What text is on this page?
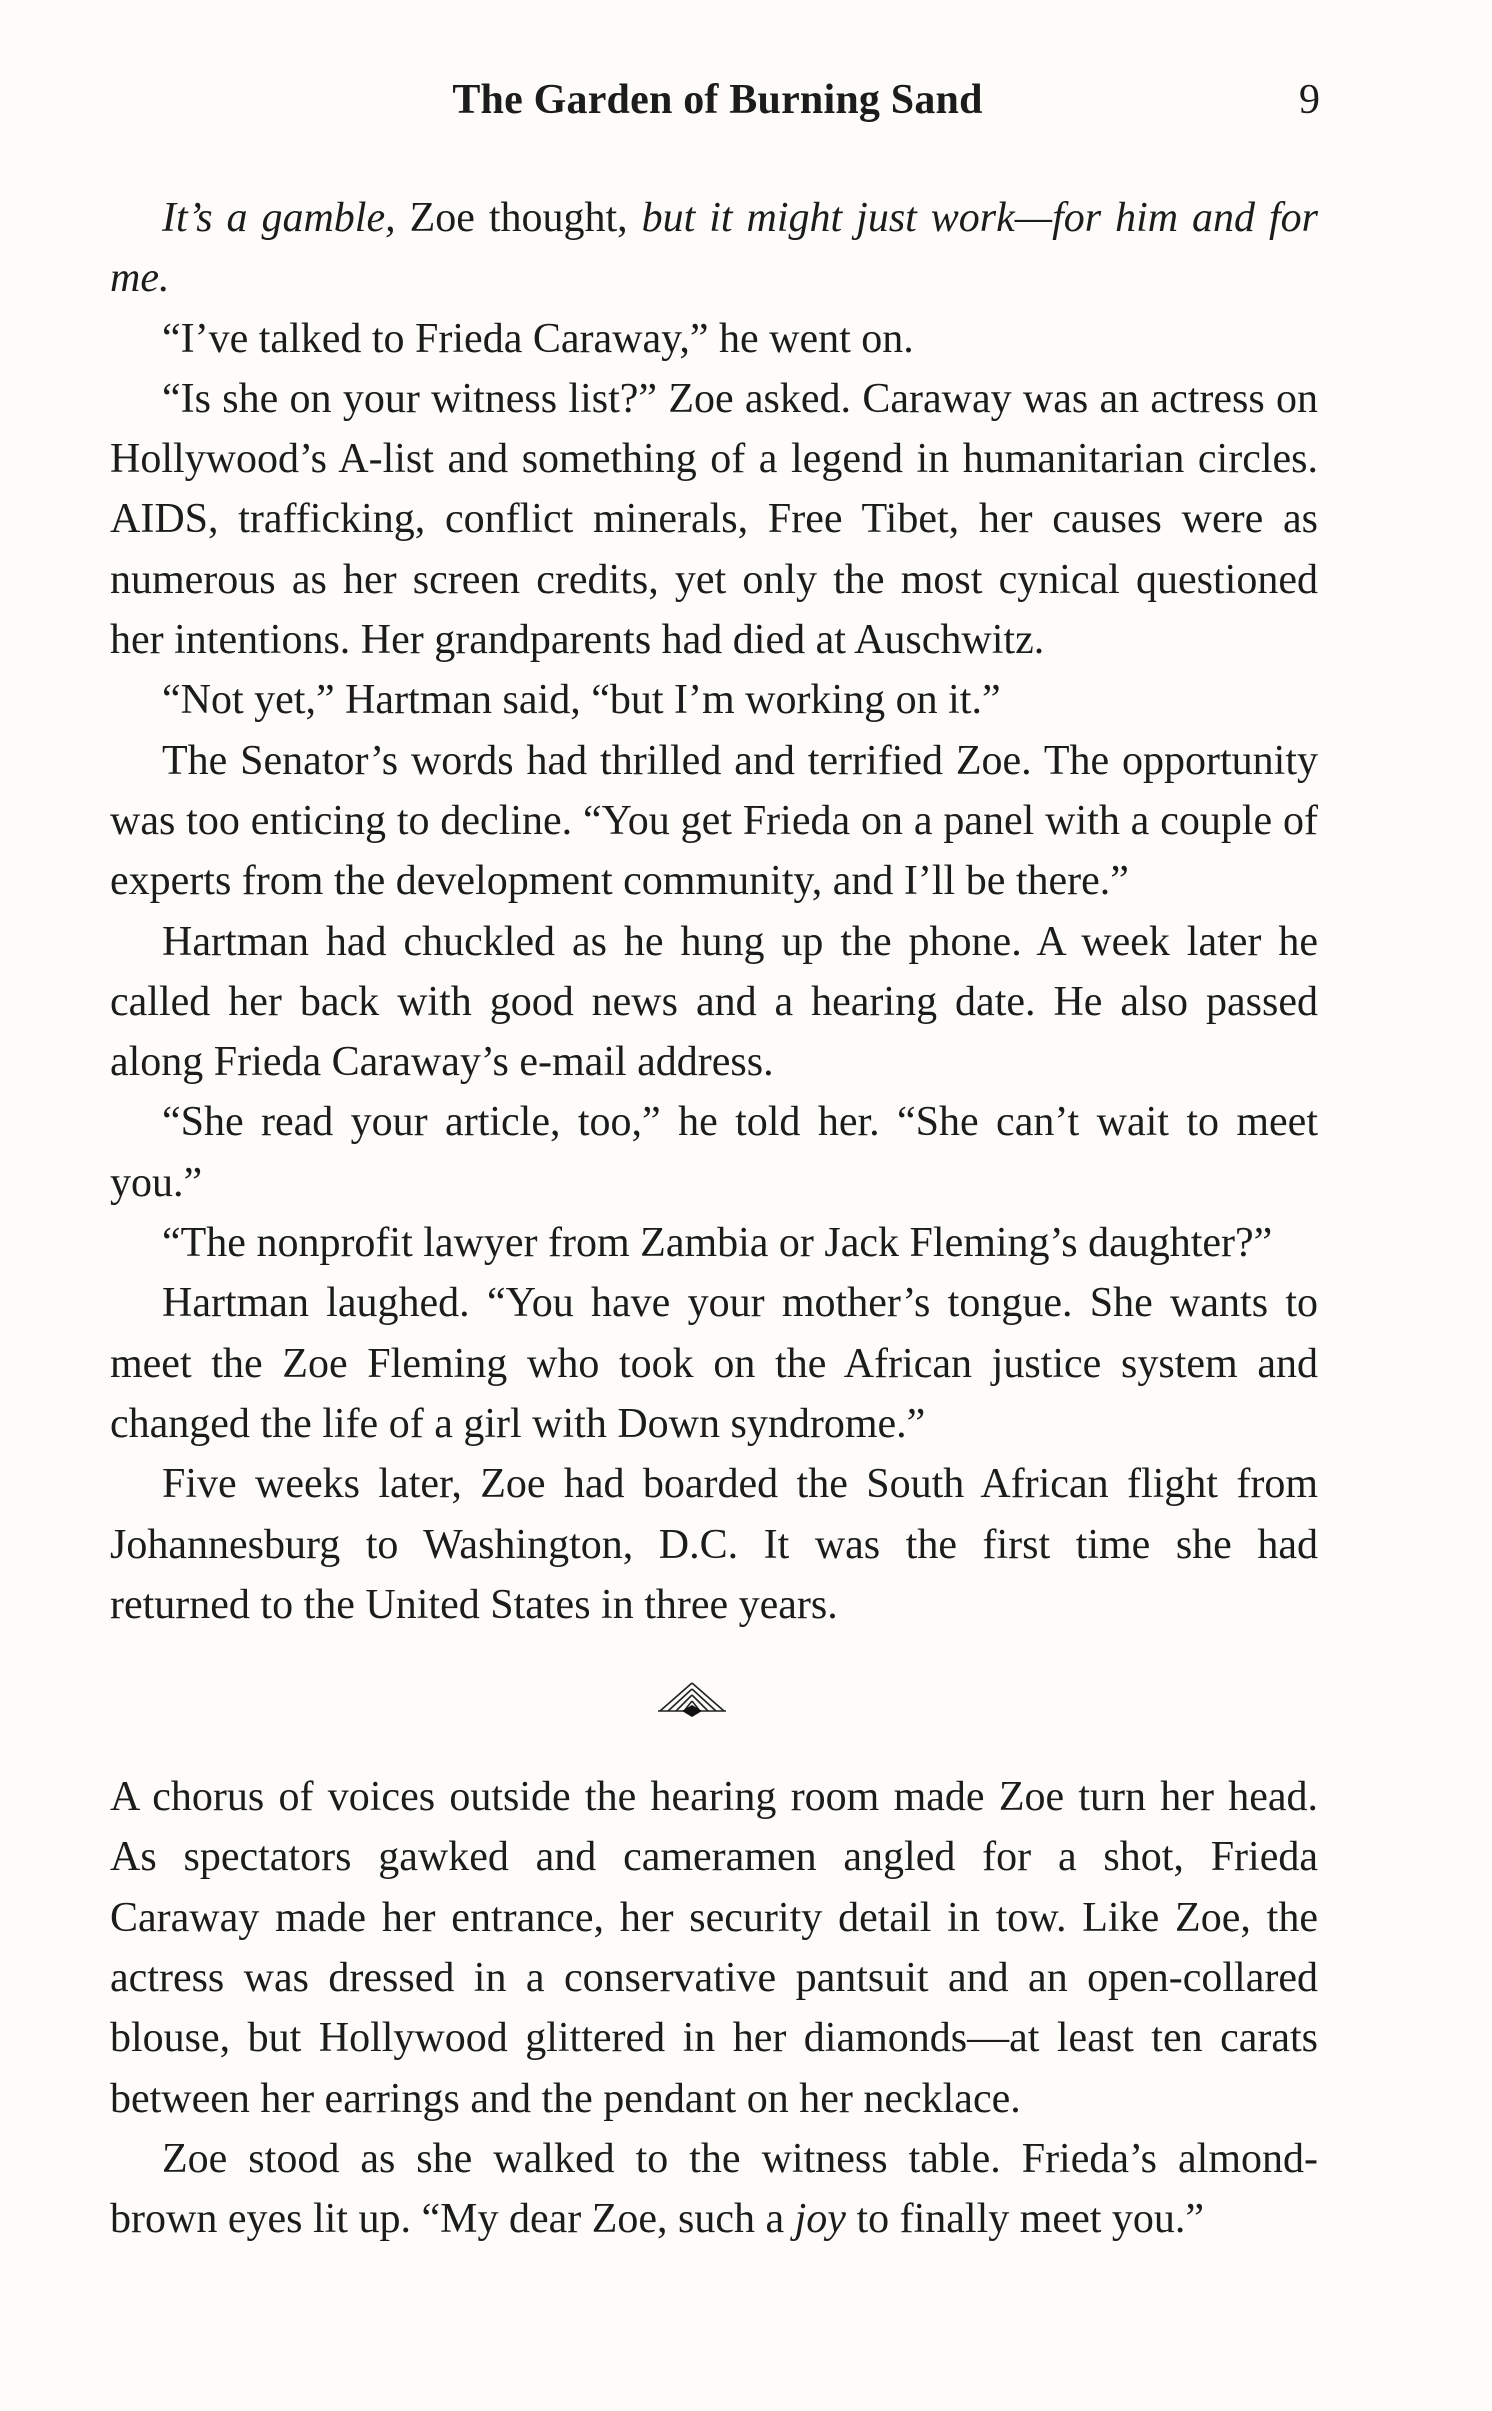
The Garden of Burning Sand	9

It’s a gamble, Zoe thought, but it might just work—for him and for me.

“I’ve talked to Frieda Caraway,” he went on.

“Is she on your witness list?” Zoe asked. Caraway was an actress on Hollywood’s A-list and something of a legend in humanitarian circles. AIDS, trafficking, conflict minerals, Free Tibet, her causes were as numerous as her screen credits, yet only the most cynical questioned her intentions. Her grandparents had died at Auschwitz.

“Not yet,” Hartman said, “but I’m working on it.”

The Senator’s words had thrilled and terrified Zoe. The opportunity was too enticing to decline. “You get Frieda on a panel with a couple of experts from the development community, and I’ll be there.”

Hartman had chuckled as he hung up the phone. A week later he called her back with good news and a hearing date. He also passed along Frieda Caraway’s e-mail address.

“She read your article, too,” he told her. “She can’t wait to meet you.”

“The nonprofit lawyer from Zambia or Jack Fleming’s daughter?”

Hartman laughed. “You have your mother’s tongue. She wants to meet the Zoe Fleming who took on the African justice system and changed the life of a girl with Down syndrome.”

Five weeks later, Zoe had boarded the South African flight from Johannesburg to Washington, D.C. It was the first time she had returned to the United States in three years.

A chorus of voices outside the hearing room made Zoe turn her head. As spectators gawked and cameramen angled for a shot, Frieda Caraway made her entrance, her security detail in tow. Like Zoe, the actress was dressed in a conservative pantsuit and an open-collared blouse, but Hollywood glittered in her diamonds—at least ten carats between her earrings and the pendant on her necklace.

Zoe stood as she walked to the witness table. Frieda’s almond-brown eyes lit up. “My dear Zoe, such a joy to finally meet you.”
